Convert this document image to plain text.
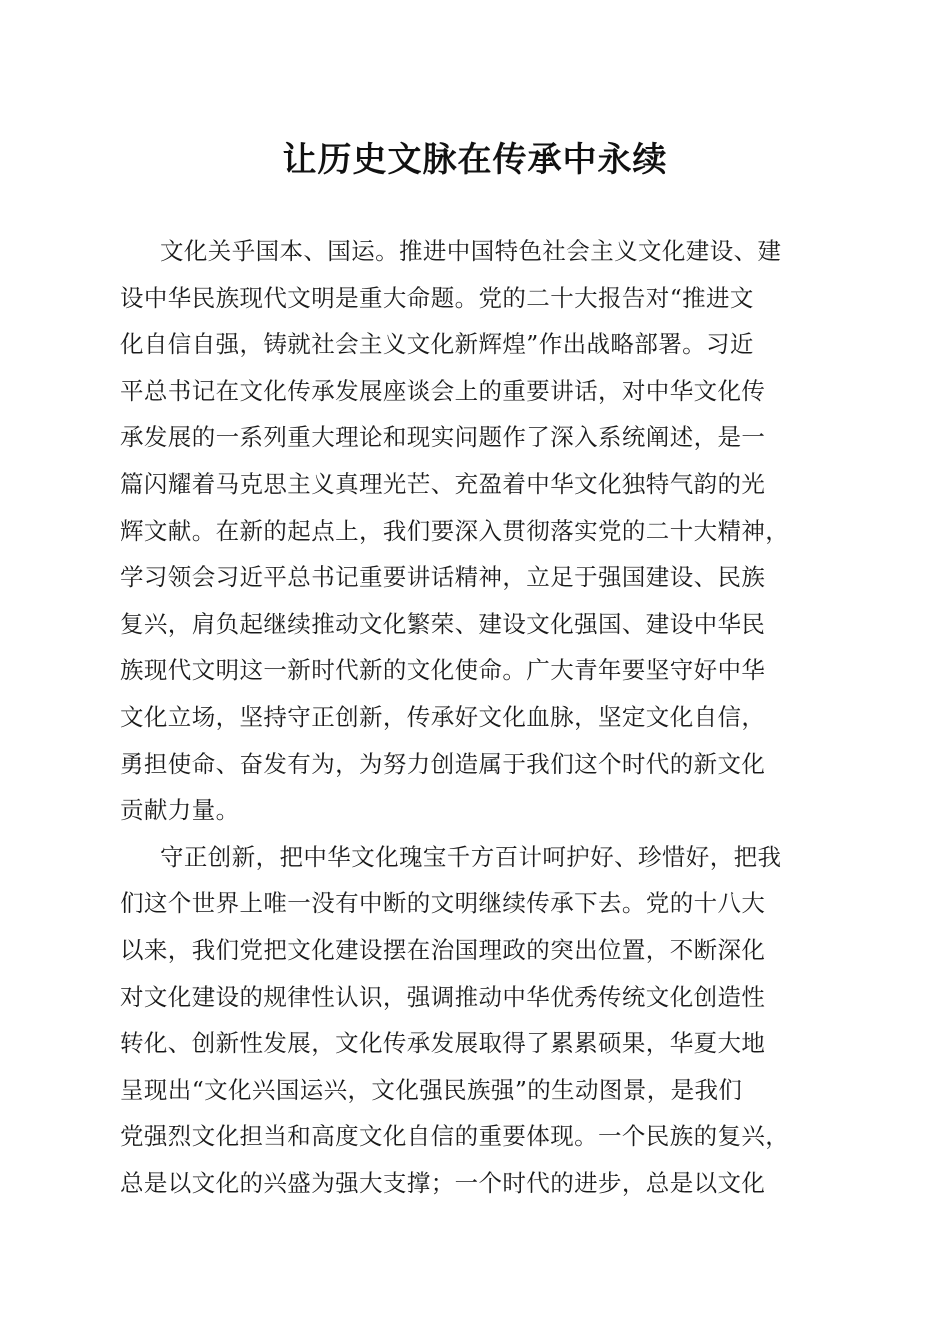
让历史文脉在传承中永续
文化关乎国本、国运。推进中国特色社会主义文化建设、建
设中华民族现代文明是重大命题。党的二十大报告对“推进文
化自信自强，铸就社会主义文化新辉煌”作出战略部署。习近
平总书记在文化传承发展座谈会上的重要讲话，对中华文化传
承发展的一系列重大理论和现实问题作了深入系统阐述，是一
篇闪耀着马克思主义真理光芒、充盈着中华文化独特气韵的光
辉文献。在新的起点上，我们要深入贯彻落实党的二十大精神，
学习领会习近平总书记重要讲话精神，立足于强国建设、民族
复兴，肩负起继续推动文化繁荣、建设文化强国、建设中华民
族现代文明这一新时代新的文化使命。广大青年要坚守好中华
文化立场，坚持守正创新，传承好文化血脉，坚定文化自信，
勇担使命、奋发有为，为努力创造属于我们这个时代的新文化
贡献力量。
守正创新，把中华文化瑰宝千方百计呵护好、珍惜好，把我
们这个世界上唯一没有中断的文明继续传承下去。党的十八大
以来，我们党把文化建设摆在治国理政的突出位置，不断深化
对文化建设的规律性认识，强调推动中华优秀传统文化创造性
转化、创新性发展，文化传承发展取得了累累硕果，华夏大地
呈现出“文化兴国运兴，文化强民族强”的生动图景，是我们
党强烈文化担当和高度文化自信的重要体现。一个民族的复兴，
总是以文化的兴盛为强大支撑；一个时代的进步，总是以文化
